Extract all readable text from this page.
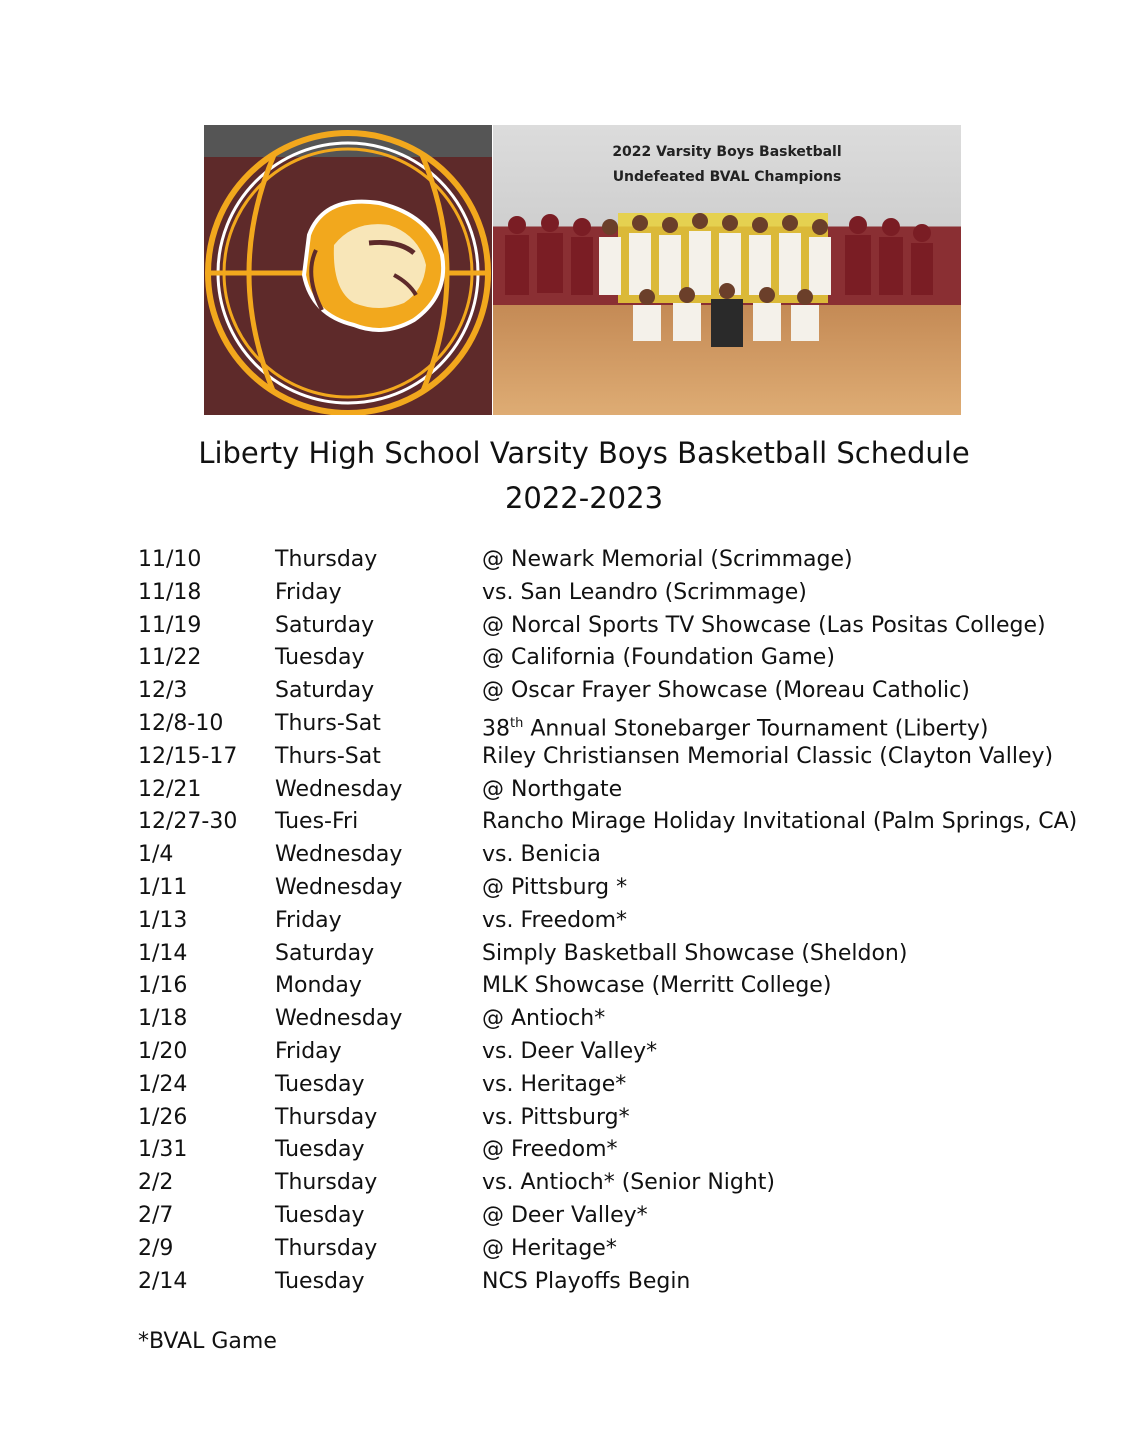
2022 Varsity Boys Basketball
Undefeated BVAL Champions
Liberty High School Varsity Boys Basketball Schedule
2022-2023
11/10	Thursday	@ Newark Memorial (Scrimmage)
11/18	Friday	vs. San Leandro (Scrimmage)
11/19	Saturday	@ Norcal Sports TV Showcase (Las Positas College)
11/22	Tuesday	@ California (Foundation Game)
12/3	Saturday	@ Oscar Frayer Showcase (Moreau Catholic)
12/8-10 Thurs-Sat	38th Annual Stonebarger Tournament (Liberty)
12/15-17 Thurs-Sat	Riley Christiansen Memorial Classic (Clayton Valley)
12/21	Wednesday	@ Northgate
12/27-30 Tues-Fri	Rancho Mirage Holiday Invitational (Palm Springs, CA)
1/4	Wednesday	vs. Benicia
1/11	Wednesday	@ Pittsburg *
1/13	Friday	vs. Freedom*
1/14	Saturday	Simply Basketball Showcase (Sheldon)
1/16	Monday	MLK Showcase (Merritt College)
1/18	Wednesday	@ Antioch*
1/20	Friday	vs. Deer Valley*
1/24	Tuesday	vs. Heritage*
1/26	Thursday	vs. Pittsburg*
1/31	Tuesday	@ Freedom*
2/2	Thursday	vs. Antioch* (Senior Night)
2/7	Tuesday	@ Deer Valley*
2/9	Thursday	@ Heritage*
2/14	Tuesday	NCS Playoffs Begin
*BVAL Game
